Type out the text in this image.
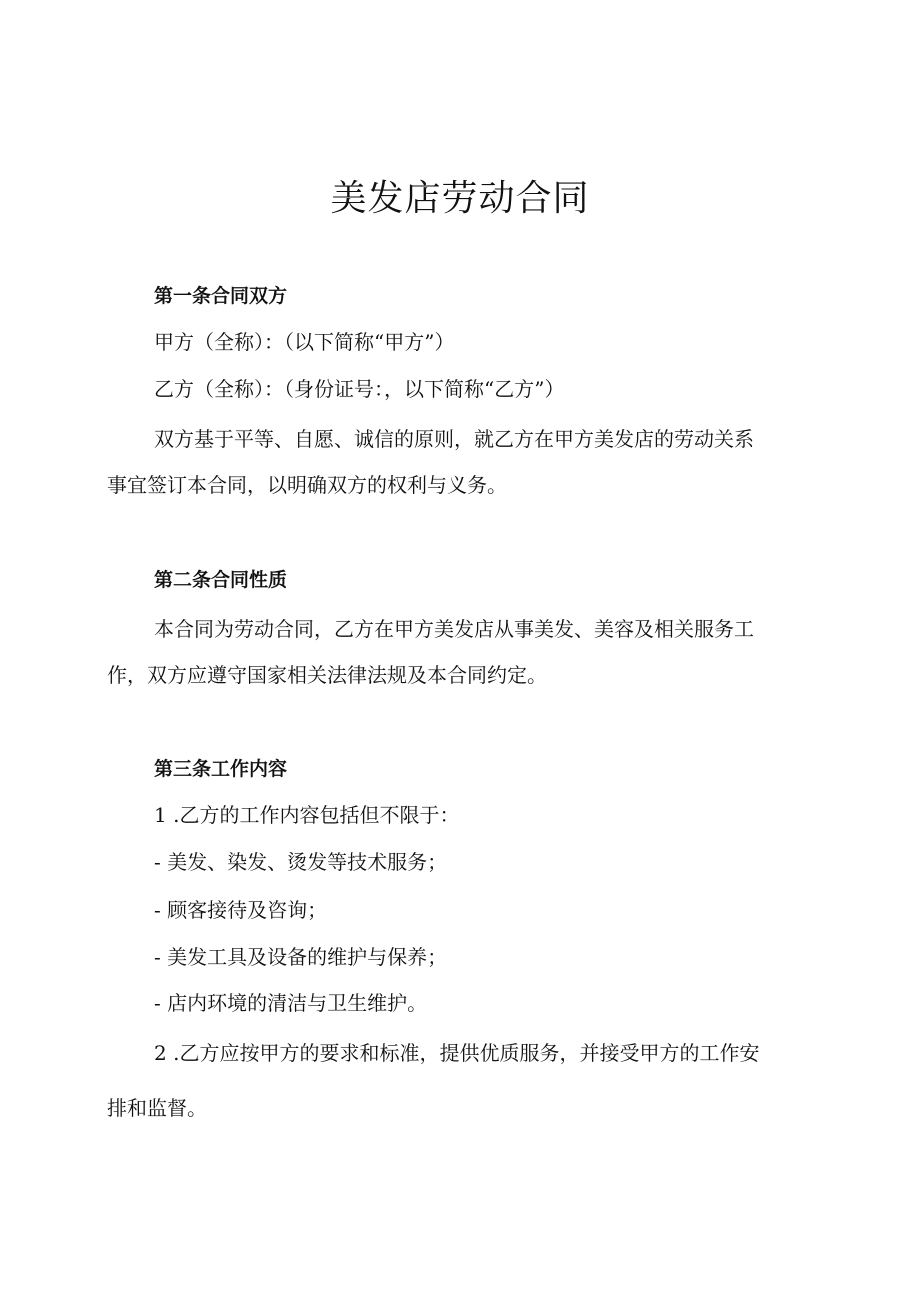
美发店劳动合同
第一条合同双方
甲方（全称）：（以下简称“甲方”）
乙方（全称）：（身份证号：，以下简称“乙方”）
双方基于平等、自愿、诚信的原则，就乙方在甲方美发店的劳动关系
事宜签订本合同，以明确双方的权利与义务。
第二条合同性质
本合同为劳动合同，乙方在甲方美发店从事美发、美容及相关服务工
作，双方应遵守国家相关法律法规及本合同约定。
第三条工作内容
1 .乙方的工作内容包括但不限于：
- 美发、染发、烫发等技术服务；
- 顾客接待及咨询；
- 美发工具及设备的维护与保养；
- 店内环境的清洁与卫生维护。
2 .乙方应按甲方的要求和标准，提供优质服务，并接受甲方的工作安
排和监督。
